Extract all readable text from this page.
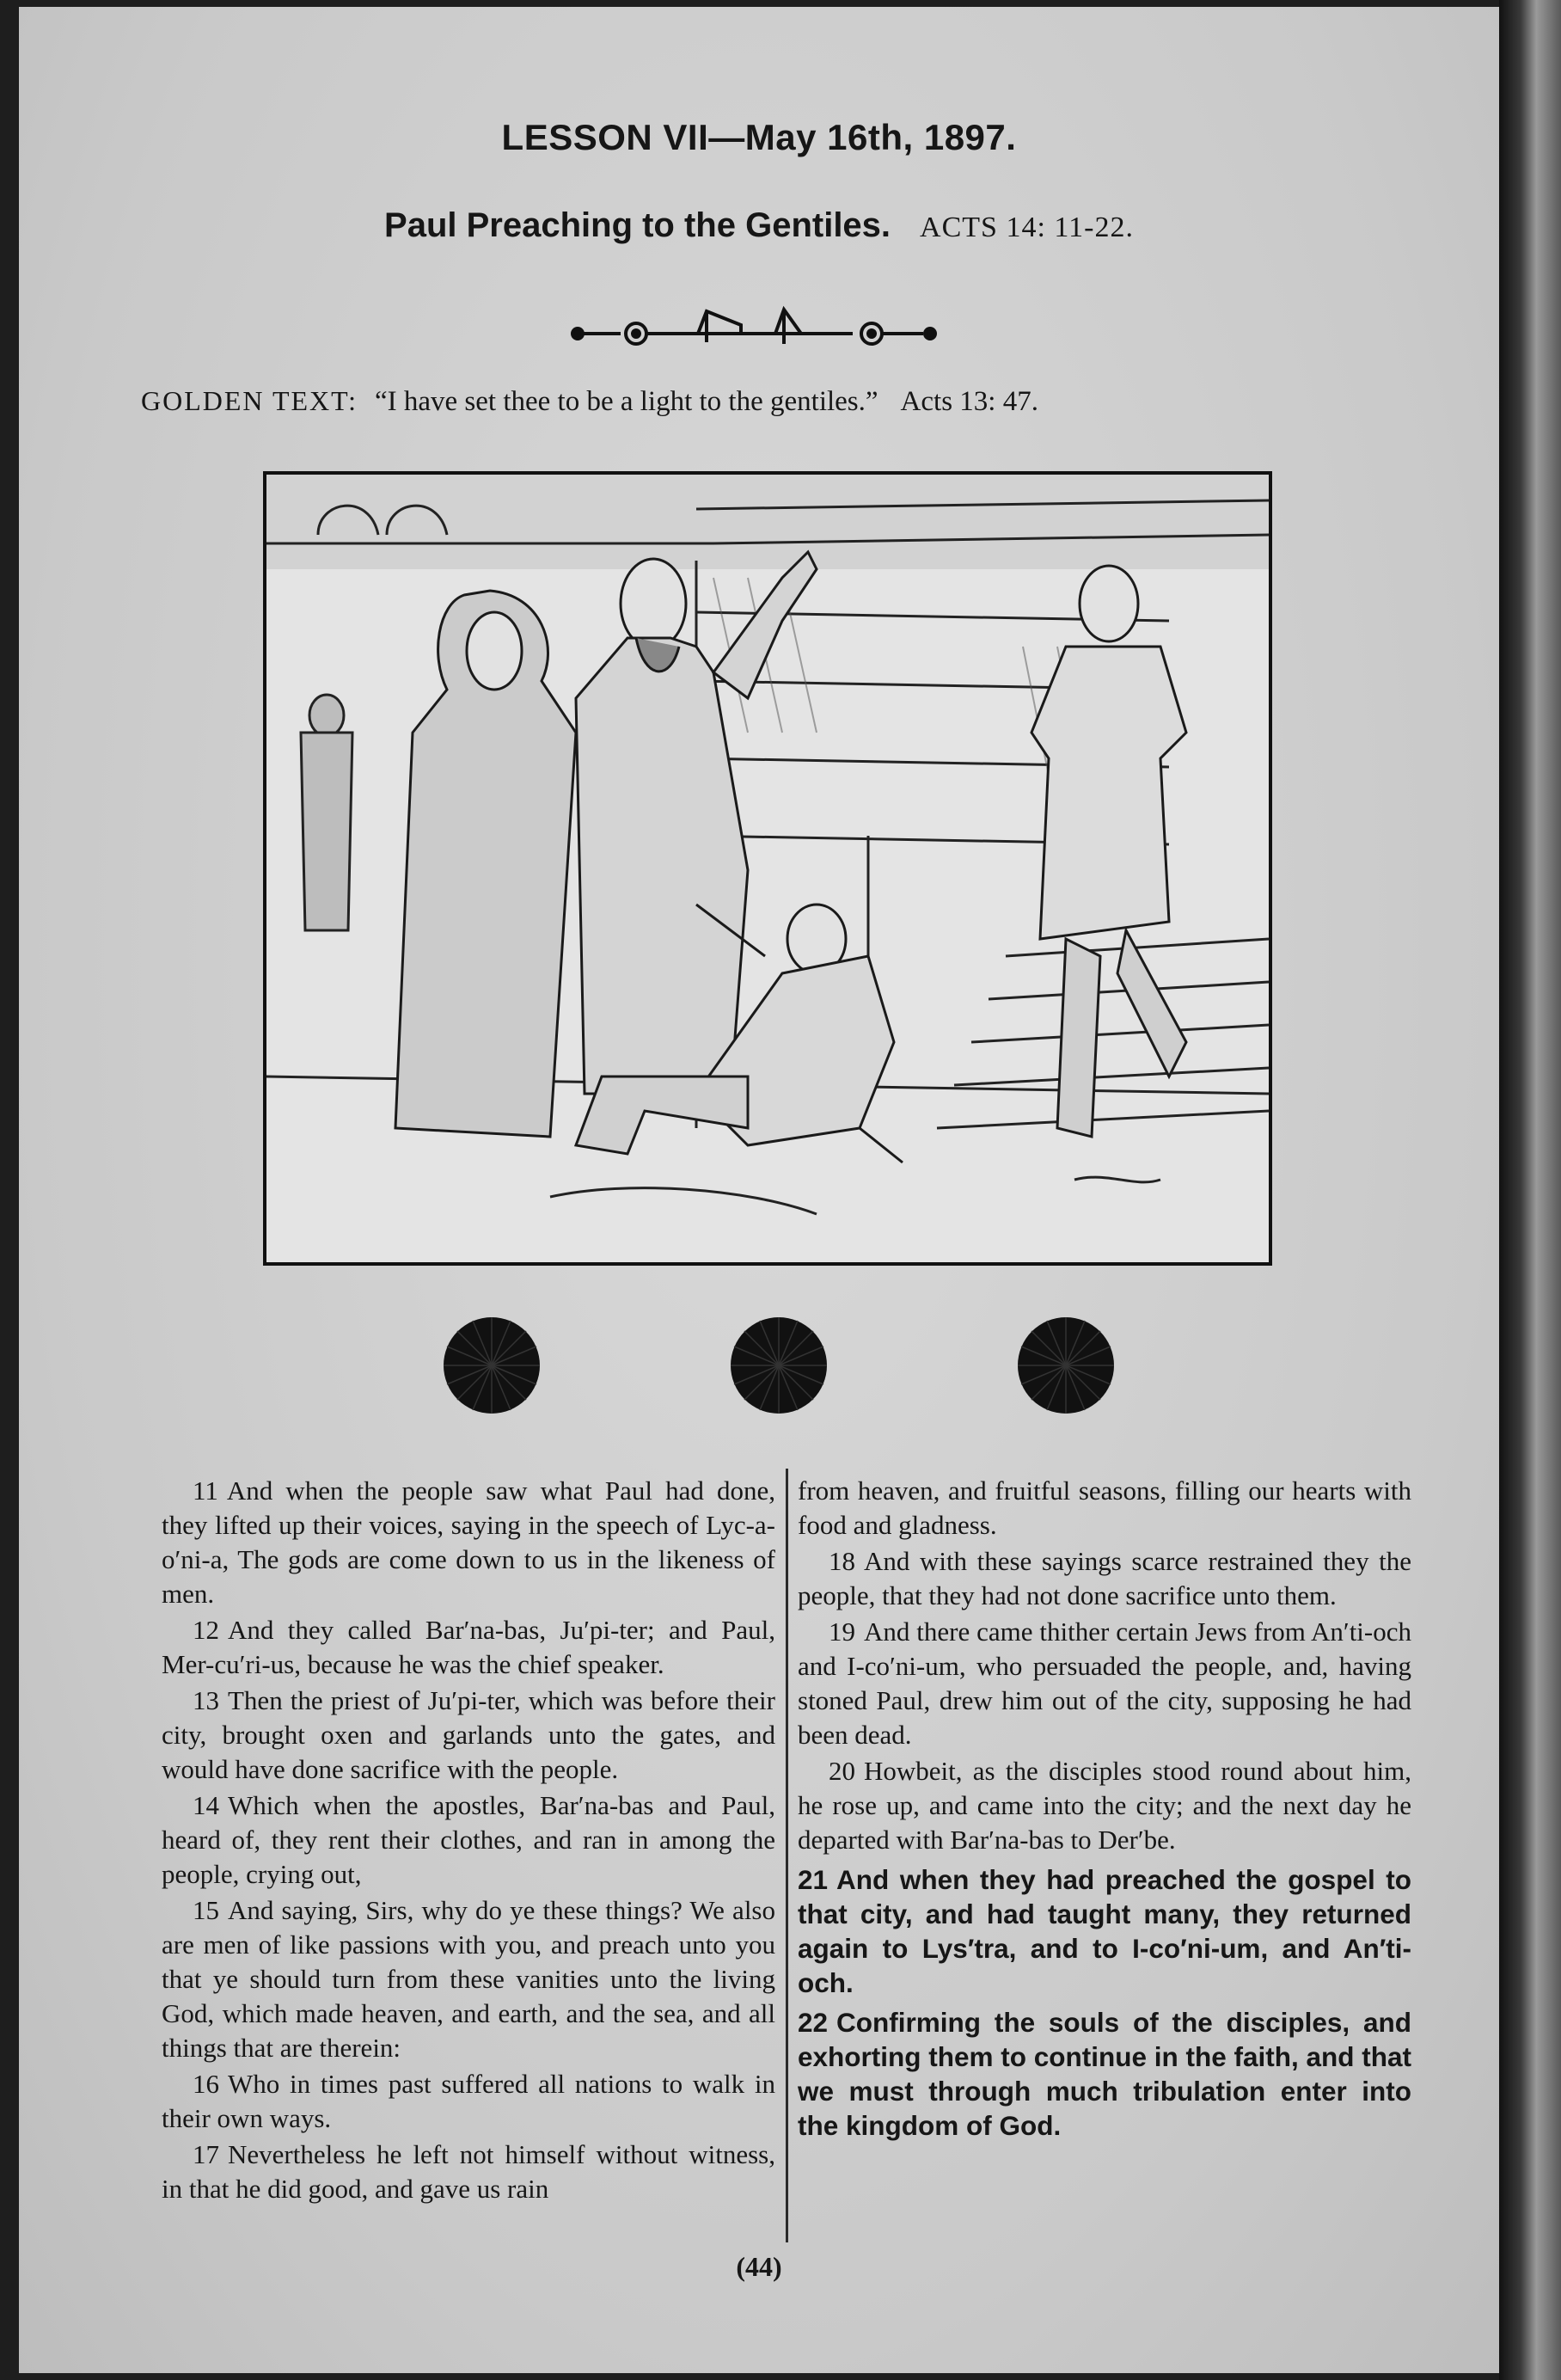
LESSON VII—May 16th, 1897.
Paul Preaching to the Gentiles. ACTS 14: 11-22.
GOLDEN TEXT: “I have set thee to be a light to the gentiles.” Acts 13: 47.

11 And when the people saw what Paul had done, they lifted up their voices, saying in the speech of Lyc-a-o′ni-a, The gods are come down to us in the likeness of men.

12 And they called Bar′na-bas, Ju′pi-ter; and Paul, Mer-cu′ri-us, because he was the chief speaker.

13 Then the priest of Ju′pi-ter, which was before their city, brought oxen and garlands unto the gates, and would have done sacrifice with the people.

14 Which when the apostles, Bar′na-bas and Paul, heard of, they rent their clothes, and ran in among the people, crying out,

15 And saying, Sirs, why do ye these things? We also are men of like passions with you, and preach unto you that ye should turn from these vanities unto the living God, which made heaven, and earth, and the sea, and all things that are therein:

16 Who in times past suffered all nations to walk in their own ways.

17 Nevertheless he left not himself without witness, in that he did good, and gave us rain

from heaven, and fruitful seasons, filling our hearts with food and gladness.

18 And with these sayings scarce restrained they the people, that they had not done sacrifice unto them.

19 And there came thither certain Jews from An′ti-och and I-co′ni-um, who persuaded the people, and, having stoned Paul, drew him out of the city, supposing he had been dead.

20 Howbeit, as the disciples stood round about him, he rose up, and came into the city; and the next day he departed with Bar′na-bas to Der′be.

21 And when they had preached the gospel to that city, and had taught many, they returned again to Lys′tra, and to I-co′ni-um, and An′ti-och.

22 Confirming the souls of the disciples, and exhorting them to continue in the faith, and that we must through much tribulation enter into the kingdom of God.

(44)
